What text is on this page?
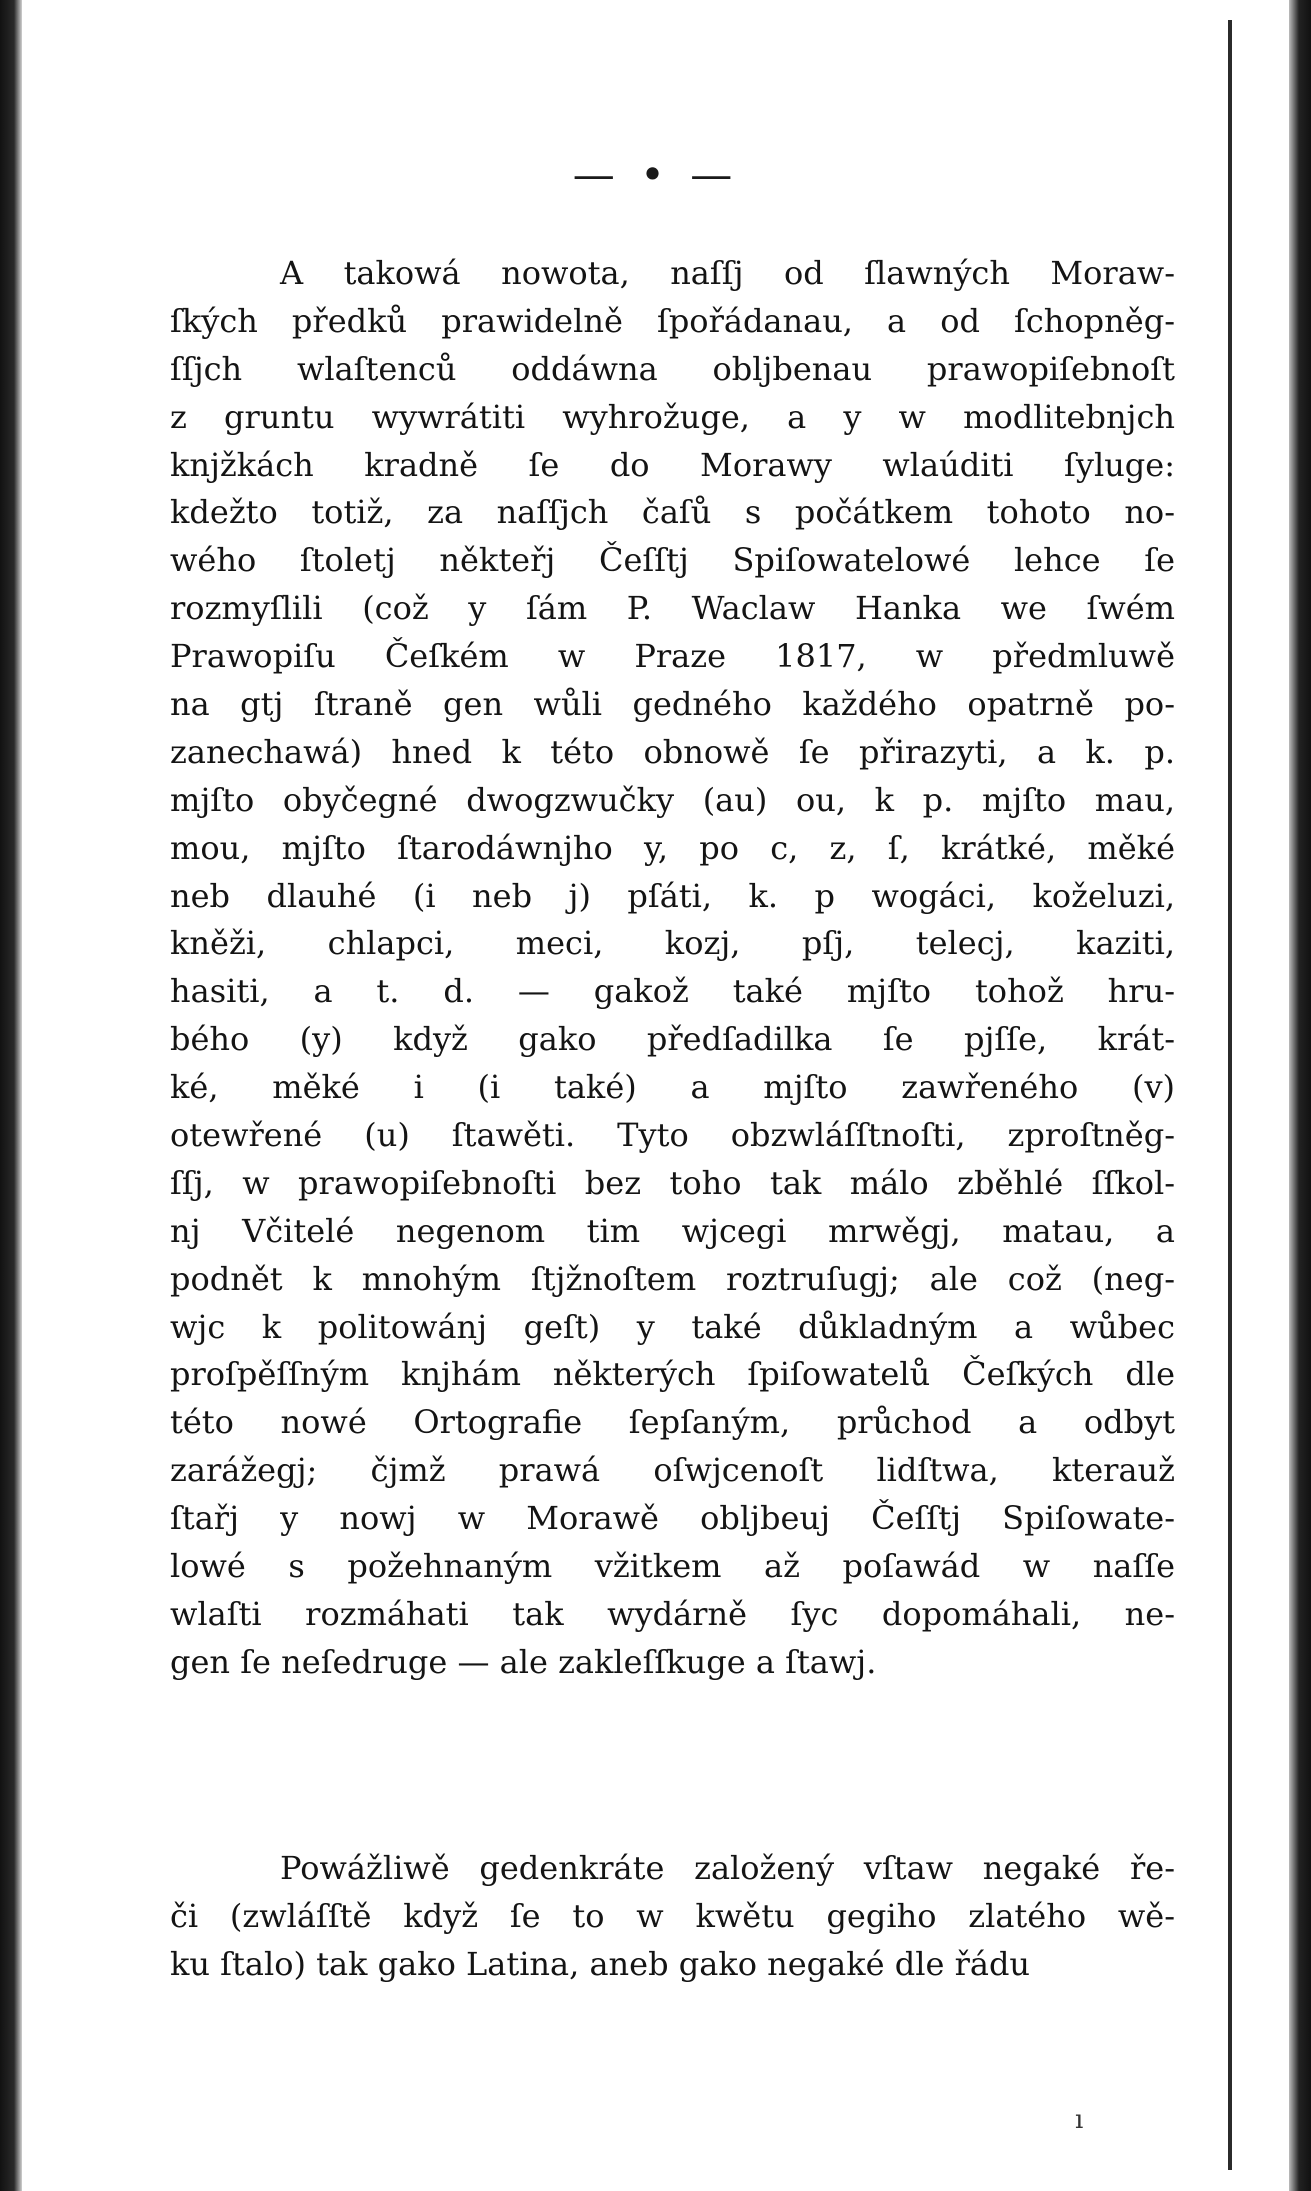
— • —
A takowá nowota, naſſj od ſlawných Moraw-
ſkých předků prawidelně ſpořádanau, a od ſchopněg-
ſſjch wlaſtenců oddáwna obljbenau prawopiſebnoſt
z gruntu wywrátiti wyhrožuge, a y w modlitebnjch
knjžkách kradně ſe do Morawy wlaúditi ſyluge:
kdežto totiž, za naſſjch čaſů s počátkem tohoto no-
wého ſtoletj někteřj Čeſſtj Spiſowatelowé lehce ſe
rozmyſlili (což y ſám P. Waclaw Hanka we ſwém
Prawopiſu Čeſkém w Praze 1817, w předmluwě
na gtj ſtraně gen wůli gedného každého opatrně po-
zanechawá) hned k této obnowě ſe přirazyti, a k. p.
mjſto obyčegné dwogzwučky (au) ou, k p. mjſto mau,
mou, mjſto ſtarodáwnjho y, po c, z, ſ, krátké, měké
neb dlauhé (i neb j) pſáti, k. p wogáci, koželuzi,
kněži, chlapci, meci, kozj, pſj, telecj, kaziti,
hasiti, a t. d. — gakož také mjſto tohož hru-
bého (y) když gako předſadilka ſe pjſſe, krát-
ké, měké i (i také) a mjſto zawřeného (v)
otewřené (u) ſtawěti. Tyto obzwláſſtnoſti, zproſtněg-
ſſj, w prawopiſebnoſti bez toho tak málo zběhlé ſſkol-
nj Včitelé negenom tim wjcegi mrwěgj, matau, a
podnět k mnohým ſtjžnoſtem roztruſugj; ale což (neg-
wjc k politowánj geſt) y také důkladným a wůbec
proſpěſſným knjhám některých ſpiſowatelů Čeſkých dle
této nowé Ortografie ſepſaným, průchod a odbyt
zarážegj; čjmž prawá oſwjcenoſt lidſtwa, kterauž
ſtařj y nowj w Morawě obljbeuj Čeſſtj Spiſowate-
lowé s požehnaným vžitkem až poſawád w naſſe
wlaſti rozmáhati tak wydárně ſyc dopomáhali, ne-
gen ſe neſedruge — ale zakleſſkuge a ſtawj.
Powážliwě gedenkráte založený vſtaw negaké ře-
či (zwláſſtě když ſe to w kwětu gegiho zlatého wě-
ku ſtalo) tak gako Latina, aneb gako negaké dle řádu
ı
